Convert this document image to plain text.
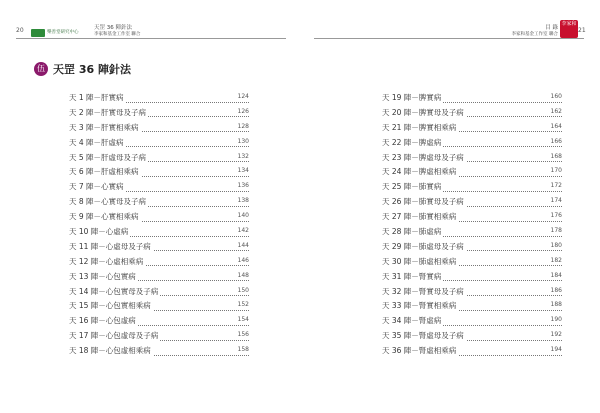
20	21
樂善堂研究中心
天罡 36 陣針法
李家和基金工作室 聯合
目 錄
李家和基金工作室 聯合
李家和
伍 天罡 36 陣針法
天 1 陣－肝實病	124
天 2 陣－肝實母及子病	126
天 3 陣－肝實相乘病	128
天 4 陣－肝虛病	130
天 5 陣－肝虛母及子病	132
天 6 陣－肝虛相乘病	134
天 7 陣－心實病	136
天 8 陣－心實母及子病	138
天 9 陣－心實相乘病	140
天 10 陣－心虛病	142
天 11 陣－心虛母及子病	144
天 12 陣－心虛相乘病	146
天 13 陣－心包實病	148
天 14 陣－心包實母及子病	150
天 15 陣－心包實相乘病	152
天 16 陣－心包虛病	154
天 17 陣－心包虛母及子病	156
天 18 陣－心包虛相乘病	158
天 19 陣－脾實病	160
天 20 陣－脾實母及子病	162
天 21 陣－脾實相乘病	164
天 22 陣－脾虛病	166
天 23 陣－脾虛母及子病	168
天 24 陣－脾虛相乘病	170
天 25 陣－肺實病	172
天 26 陣－肺實母及子病	174
天 27 陣－肺實相乘病	176
天 28 陣－肺虛病	178
天 29 陣－肺虛母及子病	180
天 30 陣－肺虛相乘病	182
天 31 陣－腎實病	184
天 32 陣－腎實母及子病	186
天 33 陣－腎實相乘病	188
天 34 陣－腎虛病	190
天 35 陣－腎虛母及子病	192
天 36 陣－腎虛相乘病	194
